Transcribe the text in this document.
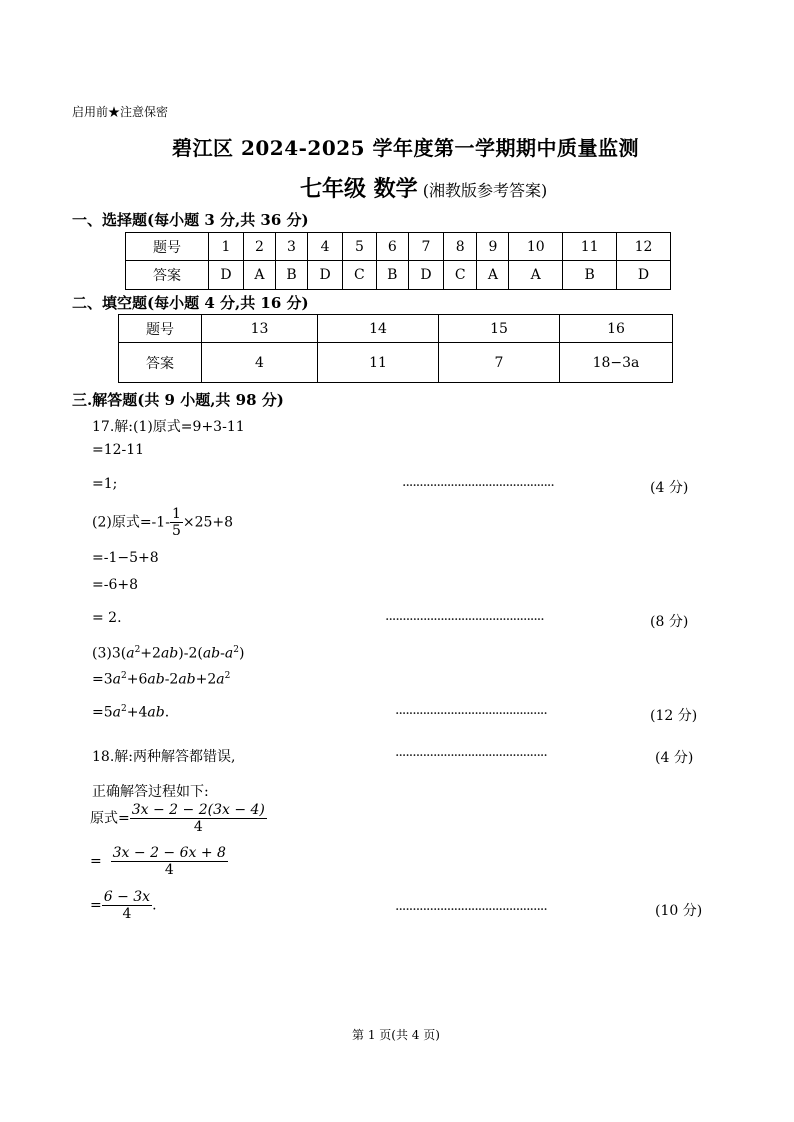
启用前★注意保密
碧江区 2024-2025 学年度第一学期期中质量监测
七年级 数学 (湘教版参考答案)
一、选择题(每小题 3 分,共 36 分)
题号	1	2	3	4	5	6	7	8	9	10	11	12
答案	D	A	B	D	C	B	D	C	A	A	B	D
二、填空题(每小题 4 分,共 16 分)
题号	13	14	15	16
答案	4	11	7	18−3a
三.解答题(共 9 小题,共 98 分)
17.解:(1)原式=9+3-11
=12-11
=1;	············································	(4 分)
(2)原式$=-1- \frac{1}{5} \times 25+8$
=-1−5+8
=-6+8
= 2.	··············································	(8 分)
$(3)3(a^2+2ab)-2(ab-a^2)$
$=3a^2+6ab-2ab+2a^2$
$=5a^2+4ab$.	············································	(12 分)
18.解:两种解答都错误,	············································	(4 分)
正确解答过程如下:
原式= $\frac{3x - 2 - 2(3x - 4)}{4}$
= $\frac{3x - 2 - 6x + 8}{4}$
= $\frac{6 - 3x}{4}$ .	············································	(10 分)
第 1 页(共 4 页)
